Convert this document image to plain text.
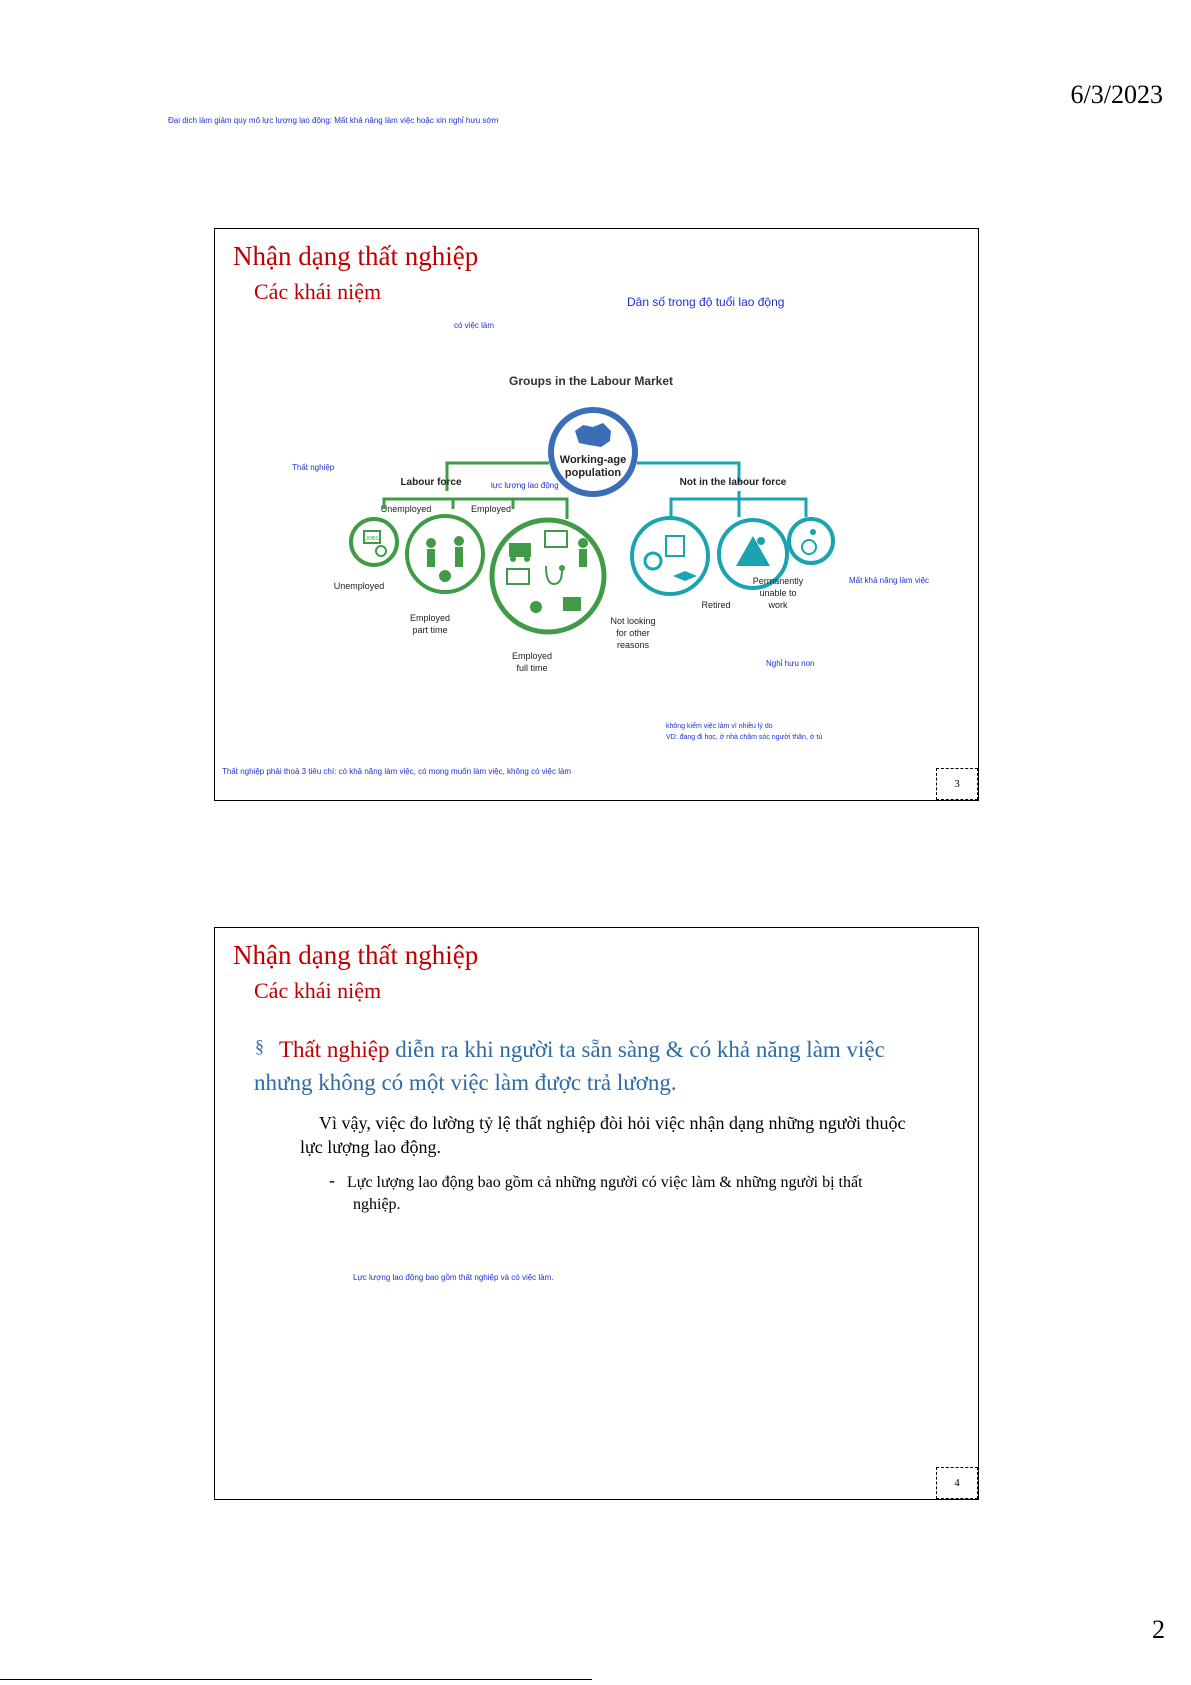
6/3/2023
Đại dịch làm giảm quy mô lực lượng lao động: Mất khả năng làm việc hoặc xin nghỉ hưu sớm
Nhận dạng thất nghiệp
Các khái niệm	Dân số trong độ tuổi lao động
có việc làm
Thất nghiệp
lực lượng lao động
Mất khả năng làm việc
Nghỉ hưu non
không kiếm việc làm vì nhiều lý do
VD: đang đi học, ở nhà chăm sóc người thân, ở tù
Thất nghiệp phải thoả 3 tiêu chí: có khả năng làm việc, có mong muốn làm việc, không có việc làm
Groups in the Labour Market
Working-age
population
Labour force	Not in the labour force
Unemployed	Employed
JOBS
Unemployed
Employed
part time
Employed
full time
Not looking
for other
reasons
Retired
Permanently
unable to
work
3
Nhận dạng thất nghiệp
Các khái niệm
§ Thất nghiệp diễn ra khi người ta sẵn sàng & có khả năng làm việc nhưng không có một việc làm được trả lương.
Vì vậy, việc đo lường tỷ lệ thất nghiệp đòi hỏi việc nhận dạng những người thuộc lực lượng lao động.
- Lực lượng lao động bao gồm cả những người có việc làm & những người bị thất nghiệp.
Lực lượng lao động bao gồm thất nghiệp và có việc làm.
4
2
